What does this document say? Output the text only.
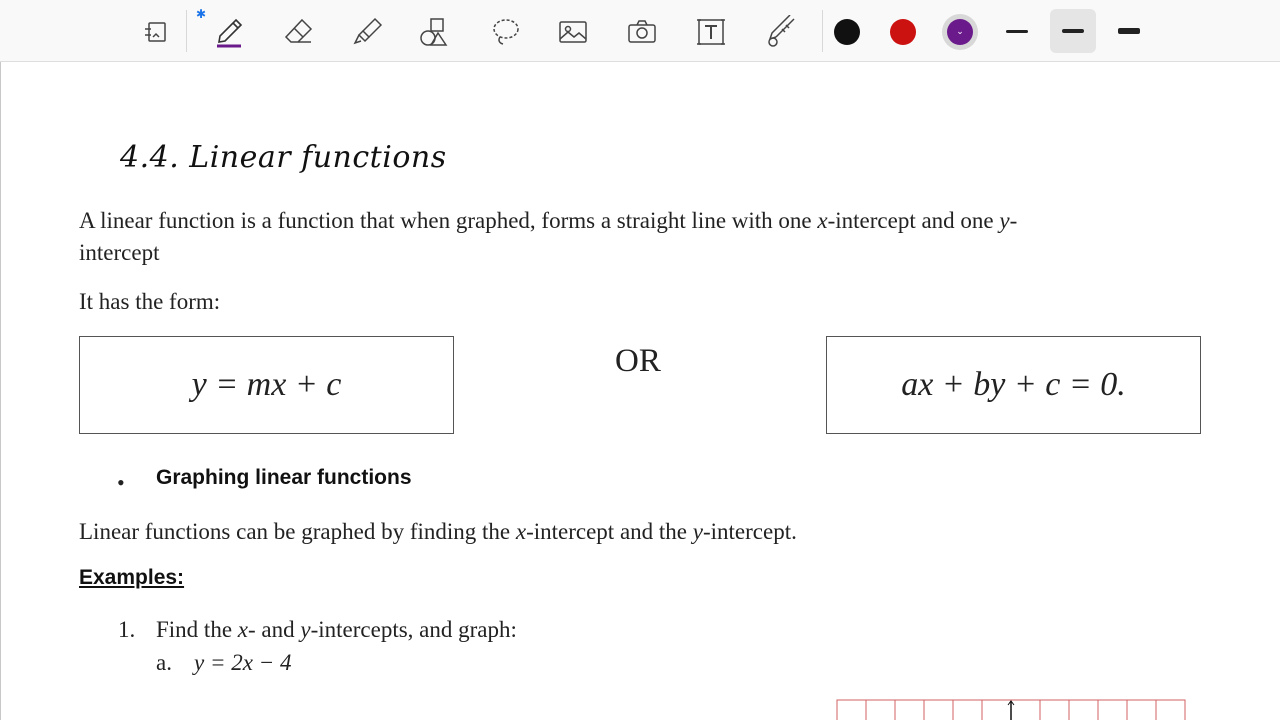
✱
⌄
4.4. Linear functions
A linear function is a function that when graphed, forms a straight line with one x-intercept and one y-
intercept
It has the form:
y = mx + c
OR
ax + by + c = 0.
• Graphing linear functions
Linear functions can be graphed by finding the x-intercept and the y-intercept.
Examples:
1. Find the x- and y-intercepts, and graph:
a. y = 2x − 4
